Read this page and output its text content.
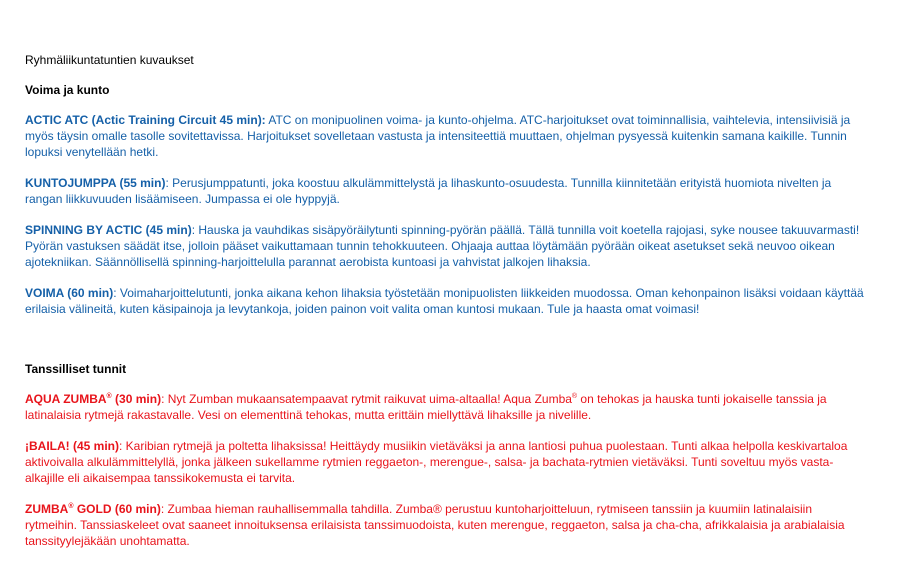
Ryhmäliikuntatuntien kuvaukset
Voima ja kunto

ACTIC ATC (Actic Training Circuit 45 min): ATC on monipuolinen voima- ja kunto-ohjelma. ATC-harjoitukset ovat toiminnallisia, vaihtelevia, intensiivisiä ja myös täysin omalle tasolle sovitettavissa. Harjoitukset sovelletaan vastusta ja intensiteettiä muuttaen, ohjelman pysyessä kuitenkin samana kaikille. Tunnin lopuksi venytellään hetki.

KUNTOJUMPPA (55 min): Perusjumppatunti, joka koostuu alkulämmittelystä ja lihaskunto-osuudesta. Tunnilla kiinnitetään erityistä huomiota nivelten ja rangan liikkuvuuden lisäämiseen. Jumpassa ei ole hyppyjä.

SPINNING BY ACTIC (45 min): Hauska ja vauhdikas sisäpyöräilytunti spinning-pyörän päällä. Tällä tunnilla voit koetella rajojasi, syke nousee takuuvarmasti! Pyörän vastuksen säädät itse, jolloin pääset vaikuttamaan tunnin tehokkuuteen. Ohjaaja auttaa löytämään pyörään oikeat asetukset sekä neuvoo oikean ajotekniikan. Säännöllisellä spinning-harjoittelulla parannat aerobista kuntoasi ja vahvistat jalkojen lihaksia.

VOIMA (60 min): Voimaharjoittelutunti, jonka aikana kehon lihaksia työstetään monipuolisten liikkeiden muodossa. Oman kehonpainon lisäksi voidaan käyttää erilaisia välineitä, kuten käsipainoja ja levytankoja, joiden painon voit valita oman kuntosi mukaan. Tule ja haasta omat voimasi!

Tanssilliset tunnit

AQUA ZUMBA® (30 min): Nyt Zumban mukaansatempaavat rytmit raikuvat uima-altaalla! Aqua Zumba® on tehokas ja hauska tunti jokaiselle tanssia ja latinalaisia rytmejä rakastavalle. Vesi on elementtinä tehokas, mutta erittäin miellyttävä lihaksille ja nivelille.

¡BAILA! (45 min): Karibian rytmejä ja poltetta lihaksissa! Heittäydy musiikin vietäväksi ja anna lantiosi puhua puolestaan. Tunti alkaa helpolla keskivartaloa aktivoivalla alkulämmittelyllä, jonka jälkeen sukellamme rytmien reggaeton-, merengue-, salsa- ja bachata-rytmien vietäväksi. Tunti soveltuu myös vasta-alkajille eli aikaisempaa tanssikokemusta ei tarvita.

ZUMBA® GOLD (60 min): Zumbaa hieman rauhallisemmalla tahdilla. Zumba® perustuu kuntoharjoitteluun, rytmiseen tanssiin ja kuumiin latinalaisiin rytmeihin. Tanssiaskeleet ovat saaneet innoituksensa erilaisista tanssimuodoista, kuten merengue, reggaeton, salsa ja cha-cha, afrikkalaisia ja arabialaisia tanssityylejäkään unohtamatta.
